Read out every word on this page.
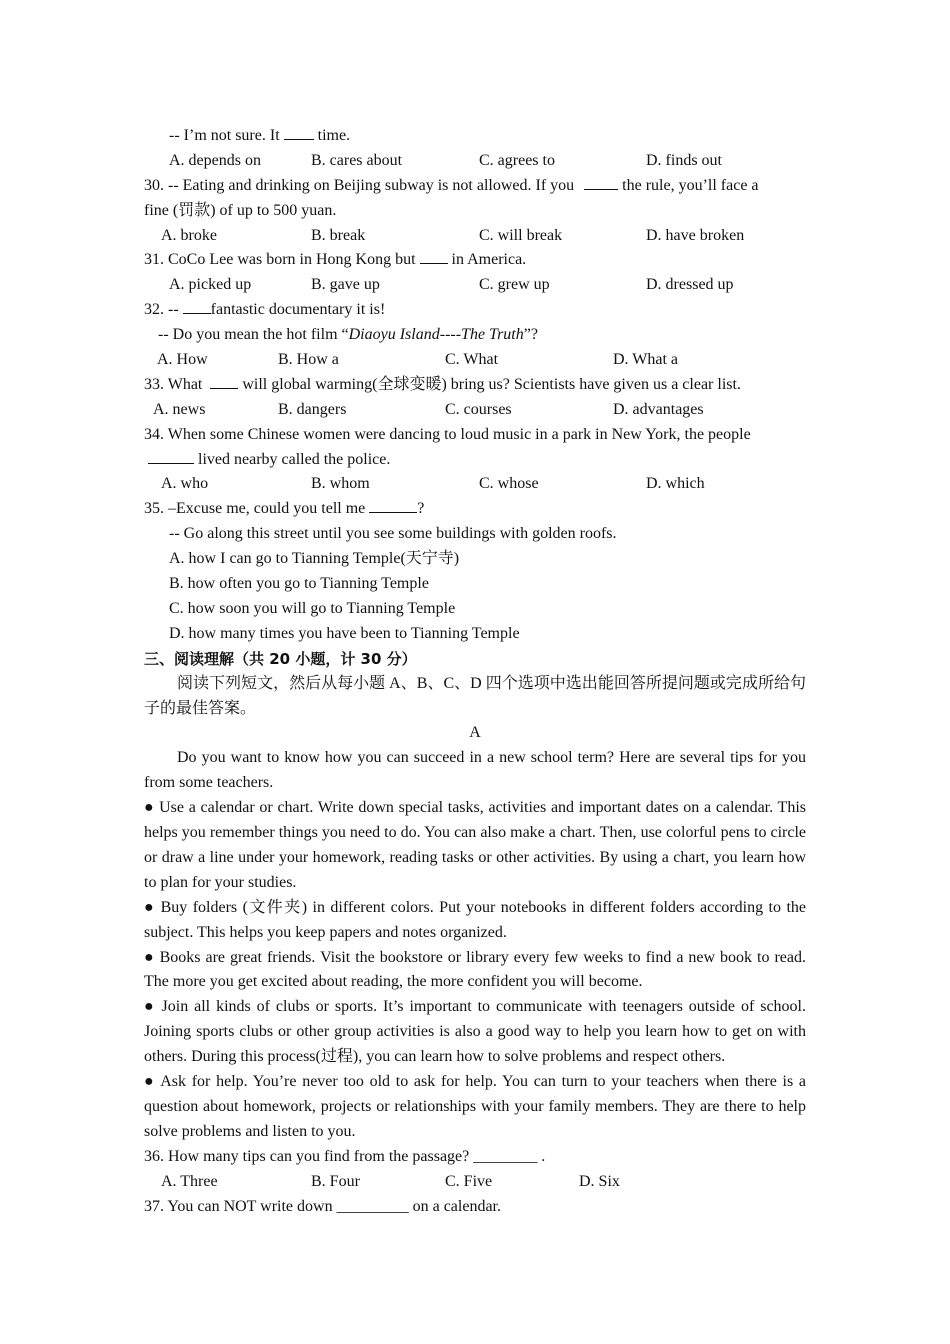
-- I’m not sure. It  time.
A. depends on	B. cares about	C. agrees to	D. finds out
30. -- Eating and drinking on Beijing subway is not allowed. If you	the rule, you’ll face a
fine (罚款) of up to 500 yuan.
A. broke	B. break	C. will break	D. have broken
31. CoCo Lee was born in Hong Kong but  in America.
A. picked up	B. gave up	C. grew up	D. dressed up
32. -- fantastic documentary it is!
-- Do you mean the hot film “Diaoyu Island----The Truth”?
A. How	B. How a	C. What	D. What a
33. What  will global warming(全球变暖) bring us? Scientists have given us a clear list.
A. news	B. dangers	C. courses	D. advantages
34. When some Chinese women were dancing to loud music in a park in New York, the people
lived nearby called the police.
A. who	B. whom	C. whose	D. which
35. –Excuse me, could you tell me	?
-- Go along this street until you see some buildings with golden roofs.
A. how I can go to Tianning Temple(天宁寺)
B. how often you go to Tianning Temple
C. how soon you will go to Tianning Temple
D. how many times you have been to Tianning Temple
三、阅读理解（共 20 小题，计 30 分）
阅读下列短文，然后从每小题 A、B、C、D 四个选项中选出能回答所提问题或完成所给句子的最佳答案。
A
Do you want to know how you can succeed in a new school term? Here are several tips for you from some teachers.
● Use a calendar or chart. Write down special tasks, activities and important dates on a calendar. This helps you remember things you need to do. You can also make a chart. Then, use colorful pens to circle or draw a line under your homework, reading tasks or other activities. By using a chart, you learn how to plan for your studies.
● Buy folders (文件夹) in different colors. Put your notebooks in different folders according to the subject. This helps you keep papers and notes organized.
● Books are great friends. Visit the bookstore or library every few weeks to find a new book to read. The more you get excited about reading, the more confident you will become.
● Join all kinds of clubs or sports. It’s important to communicate with teenagers outside of school. Joining sports clubs or other group activities is also a good way to help you learn how to get on with others. During this process(过程), you can learn how to solve problems and respect others.
● Ask for help. You’re never too old to ask for help. You can turn to your teachers when there is a question about homework, projects or relationships with your family members. They are there to help solve problems and listen to you.
36. How many tips can you find from the passage? ________ .
A. Three	B. Four	C. Five	D. Six
37. You can NOT write down _________ on a calendar.
